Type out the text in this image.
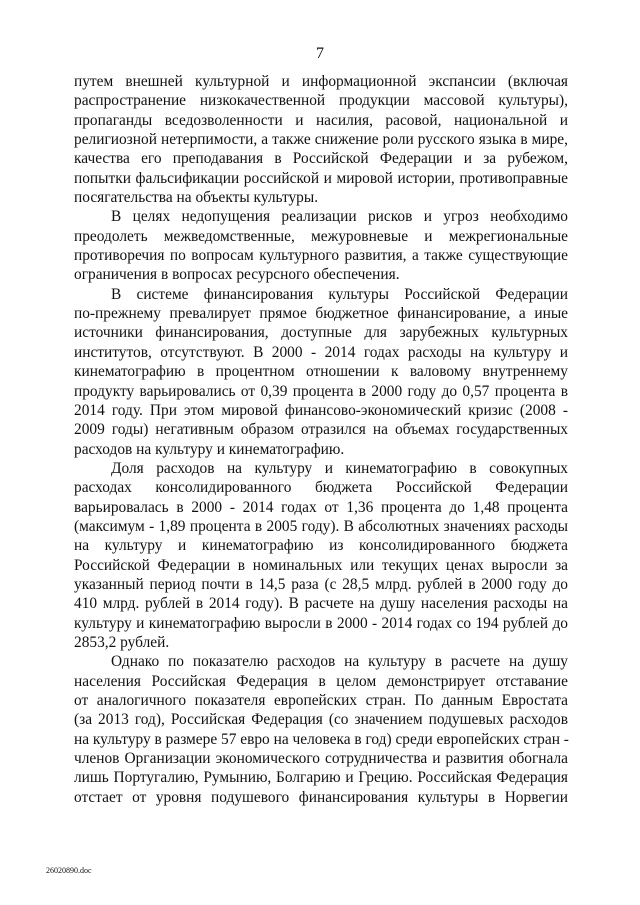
7
путем внешней культурной и информационной экспансии (включая
распространение низкокачественной продукции массовой культуры),
пропаганды вседозволенности и насилия, расовой, национальной и
религиозной нетерпимости, а также снижение роли русского языка в мире,
качества его преподавания в Российской Федерации и за рубежом,
попытки фальсификации российской и мировой истории, противоправные
посягательства на объекты культуры.
В целях недопущения реализации рисков и угроз необходимо
преодолеть межведомственные, межуровневые и межрегиональные
противоречия по вопросам культурного развития, а также существующие
ограничения в вопросах ресурсного обеспечения.
В системе финансирования культуры Российской Федерации
по-прежнему превалирует прямое бюджетное финансирование, а иные
источники финансирования, доступные для зарубежных культурных
институтов, отсутствуют. В 2000 - 2014 годах расходы на культуру и
кинематографию в процентном отношении к валовому внутреннему
продукту варьировались от 0,39 процента в 2000 году до 0,57 процента в
2014 году. При этом мировой финансово-экономический кризис (2008 -
2009 годы) негативным образом отразился на объемах государственных
расходов на культуру и кинематографию.
Доля расходов на культуру и кинематографию в совокупных
расходах консолидированного бюджета Российской Федерации
варьировалась в 2000 - 2014 годах от 1,36 процента до 1,48 процента
(максимум - 1,89 процента в 2005 году). В абсолютных значениях расходы
на культуру и кинематографию из консолидированного бюджета
Российской Федерации в номинальных или текущих ценах выросли за
указанный период почти в 14,5 раза (с 28,5 млрд. рублей в 2000 году до
410 млрд. рублей в 2014 году). В расчете на душу населения расходы на
культуру и кинематографию выросли в 2000 - 2014 годах со 194 рублей до
2853,2 рублей.
Однако по показателю расходов на культуру в расчете на душу
населения Российская Федерация в целом демонстрирует отставание
от аналогичного показателя европейских стран. По данным Евростата
(за 2013 год), Российская Федерация (со значением подушевых расходов
на культуру в размере 57 евро на человека в год) среди европейских стран -
членов Организации экономического сотрудничества и развития обогнала
лишь Португалию, Румынию, Болгарию и Грецию. Российская Федерация
отстает от уровня подушевого финансирования культуры в Норвегии
26020890.doc
